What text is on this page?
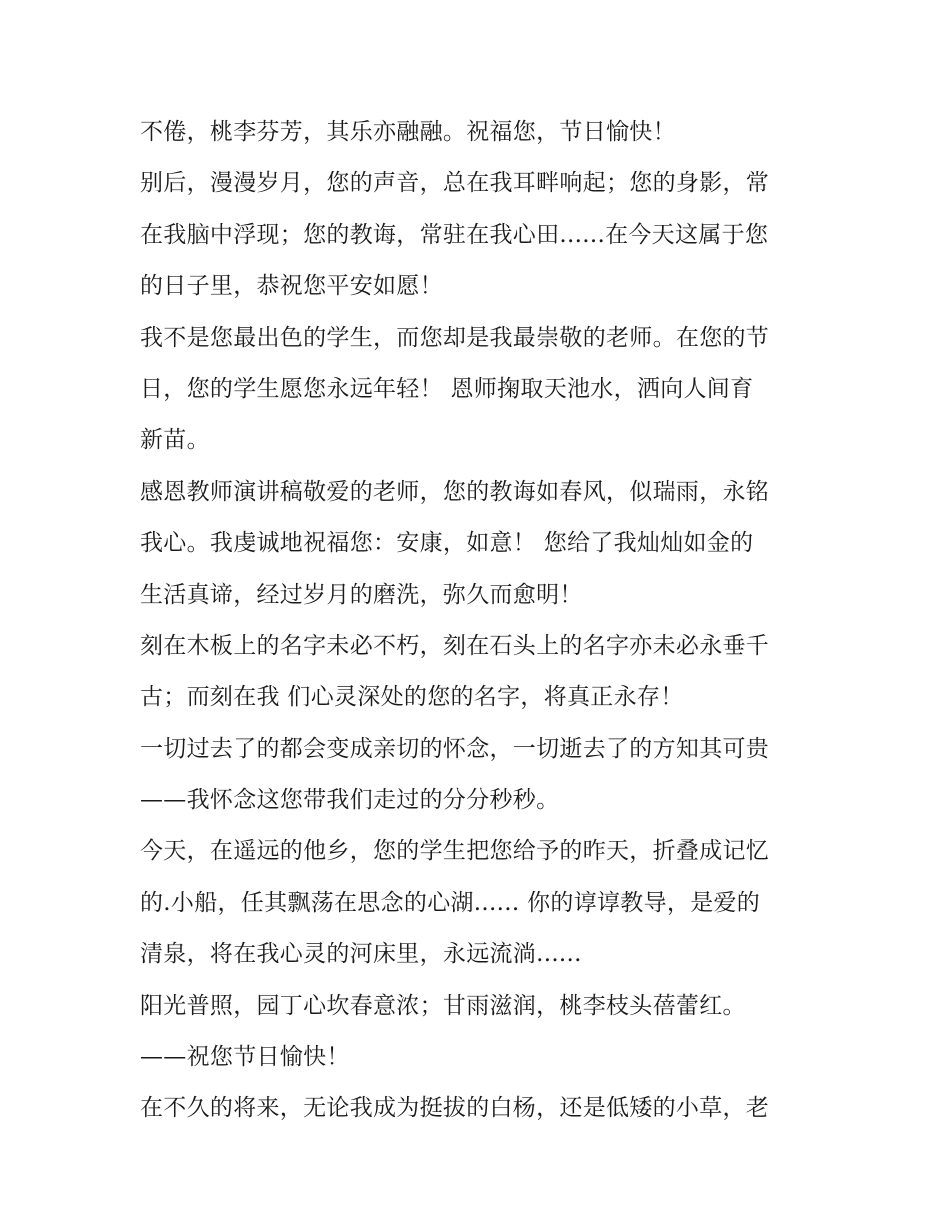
不倦，桃李芬芳，其乐亦融融。祝福您，节日愉快！
别后，漫漫岁月，您的声音，总在我耳畔响起；您的身影，常
在我脑中浮现；您的教诲，常驻在我心田......在今天这属于您
的日子里，恭祝您平安如愿！
我不是您最出色的学生，而您却是我最崇敬的老师。在您的节
日，您的学生愿您永远年轻！ 恩师掬取天池水，洒向人间育
新苗。
感恩教师演讲稿敬爱的老师，您的教诲如春风，似瑞雨，永铭
我心。我虔诚地祝福您：安康，如意！ 您给了我灿灿如金的
生活真谛，经过岁月的磨洗，弥久而愈明！
刻在木板上的名字未必不朽，刻在石头上的名字亦未必永垂千
古；而刻在我 们心灵深处的您的名字，将真正永存！
一切过去了的都会变成亲切的怀念，一切逝去了的方知其可贵
——我怀念这您带我们走过的分分秒秒。
今天，在遥远的他乡，您的学生把您给予的昨天，折叠成记忆
的.小船，任其飘荡在思念的心湖...... 你的谆谆教导，是爱的
清泉，将在我心灵的河床里，永远流淌......
阳光普照，园丁心坎春意浓；甘雨滋润，桃李枝头蓓蕾红。
——祝您节日愉快！
在不久的将来，无论我成为挺拔的白杨，还是低矮的小草，老
